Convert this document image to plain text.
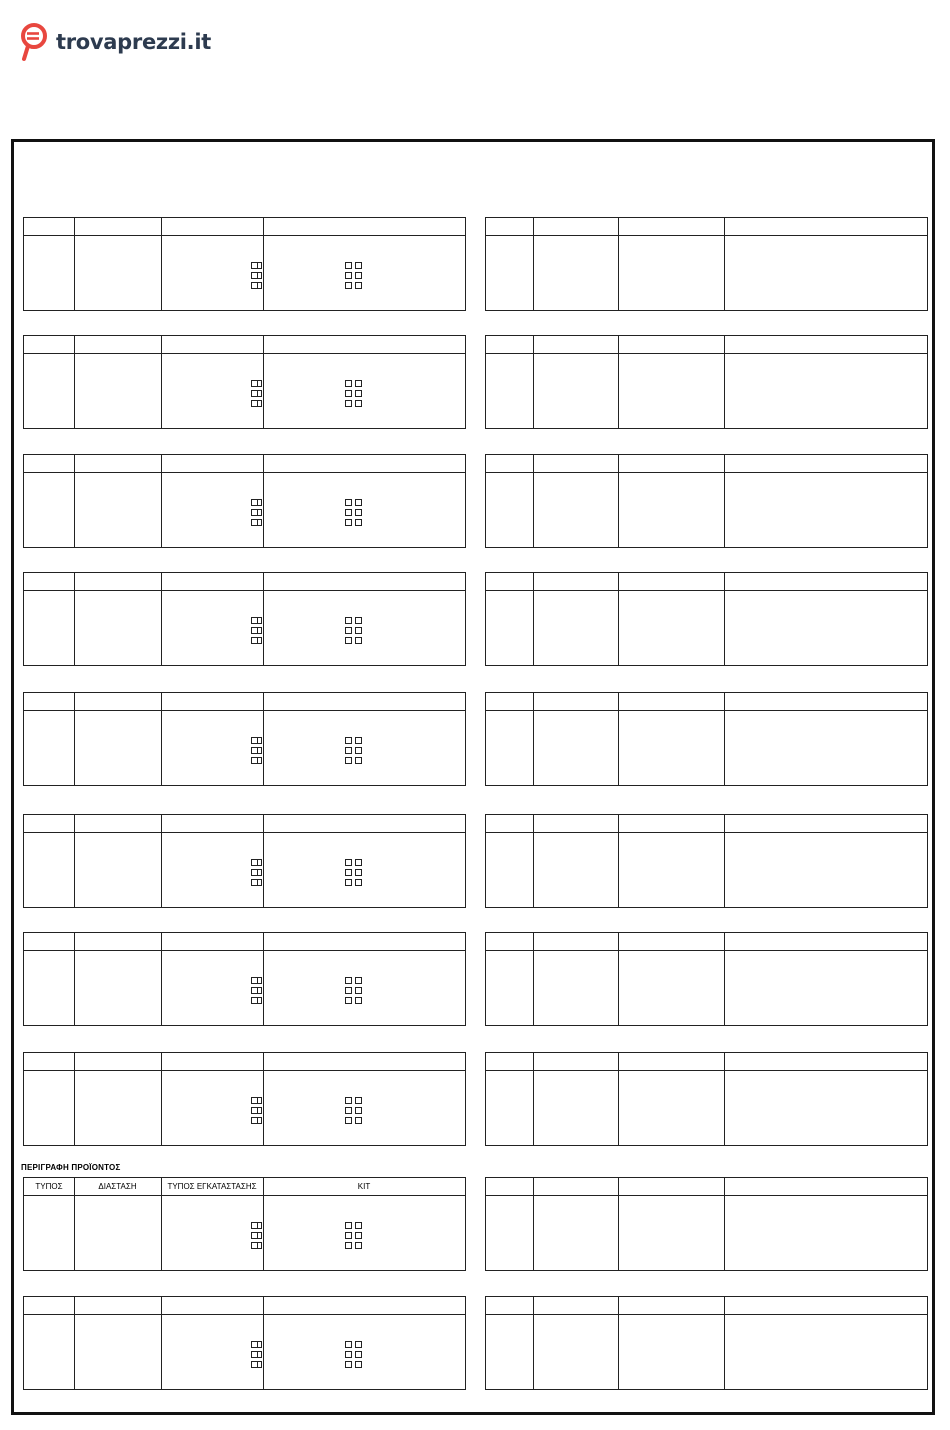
trovaprezzi.it
ΤΥΠΟΣ	ΔΙΑΣΤΑΣΗ	ΤΥΠΟΣ ΕΓΚΑΤΑΣΤΑΣΗΣ	KIT
ΠΕΡΙΓΡΑΦΗ ΠΡΟΪΟΝΤΟΣ
